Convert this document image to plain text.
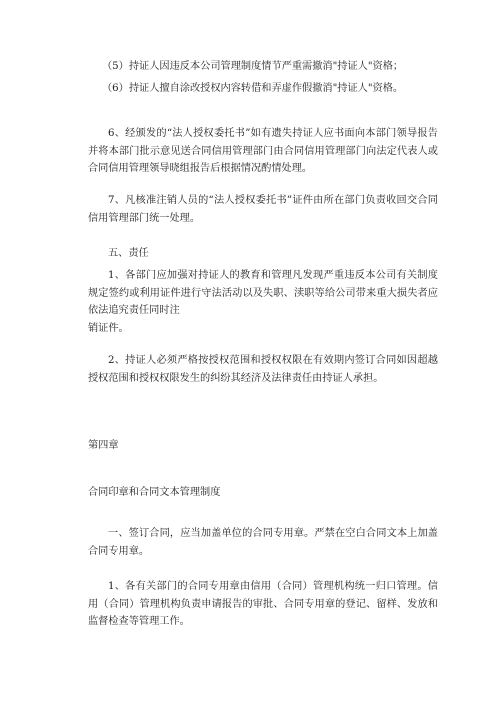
（5）持证人因违反本公司管理制度情节严重需撤消"持证人"资格；
（6）持证人擅自涂改授权内容转借和弄虚作假撤消"持证人"资格。
6、经颁发的“法人授权委托书”如有遗失持证人应书面向本部门领导报告并将本部门批示意见送合同信用管理部门由合同信用管理部门向法定代表人或合同信用管理领导晓组报告后根据情况酌情处理。
7、凡核准注销人员的“法人授权委托书”证件由所在部门负责收回交合同信用管理部门统一处理。
五、责任
1、各部门应加强对持证人的教育和管理凡发现严重违反本公司有关制度规定签约或利用证件进行守法活动以及失职、渎职等给公司带来重大损失者应依法追究责任同时注
销证件。
2、持证人必须严格按授权范围和授权权限在有效期内签订合同如因超越授权范围和授权权限发生的纠纷其经济及法律责任由持证人承担。
第四章
合同印章和合同文本管理制度
一、签订合同，应当加盖单位的合同专用章。严禁在空白合同文本上加盖合同专用章。
1、各有关部门的合同专用章由信用（合同）管理机构统一归口管理。信用（合同）管理机构负责申请报告的审批、合同专用章的登记、留样、发放和监督检查等管理工作。
